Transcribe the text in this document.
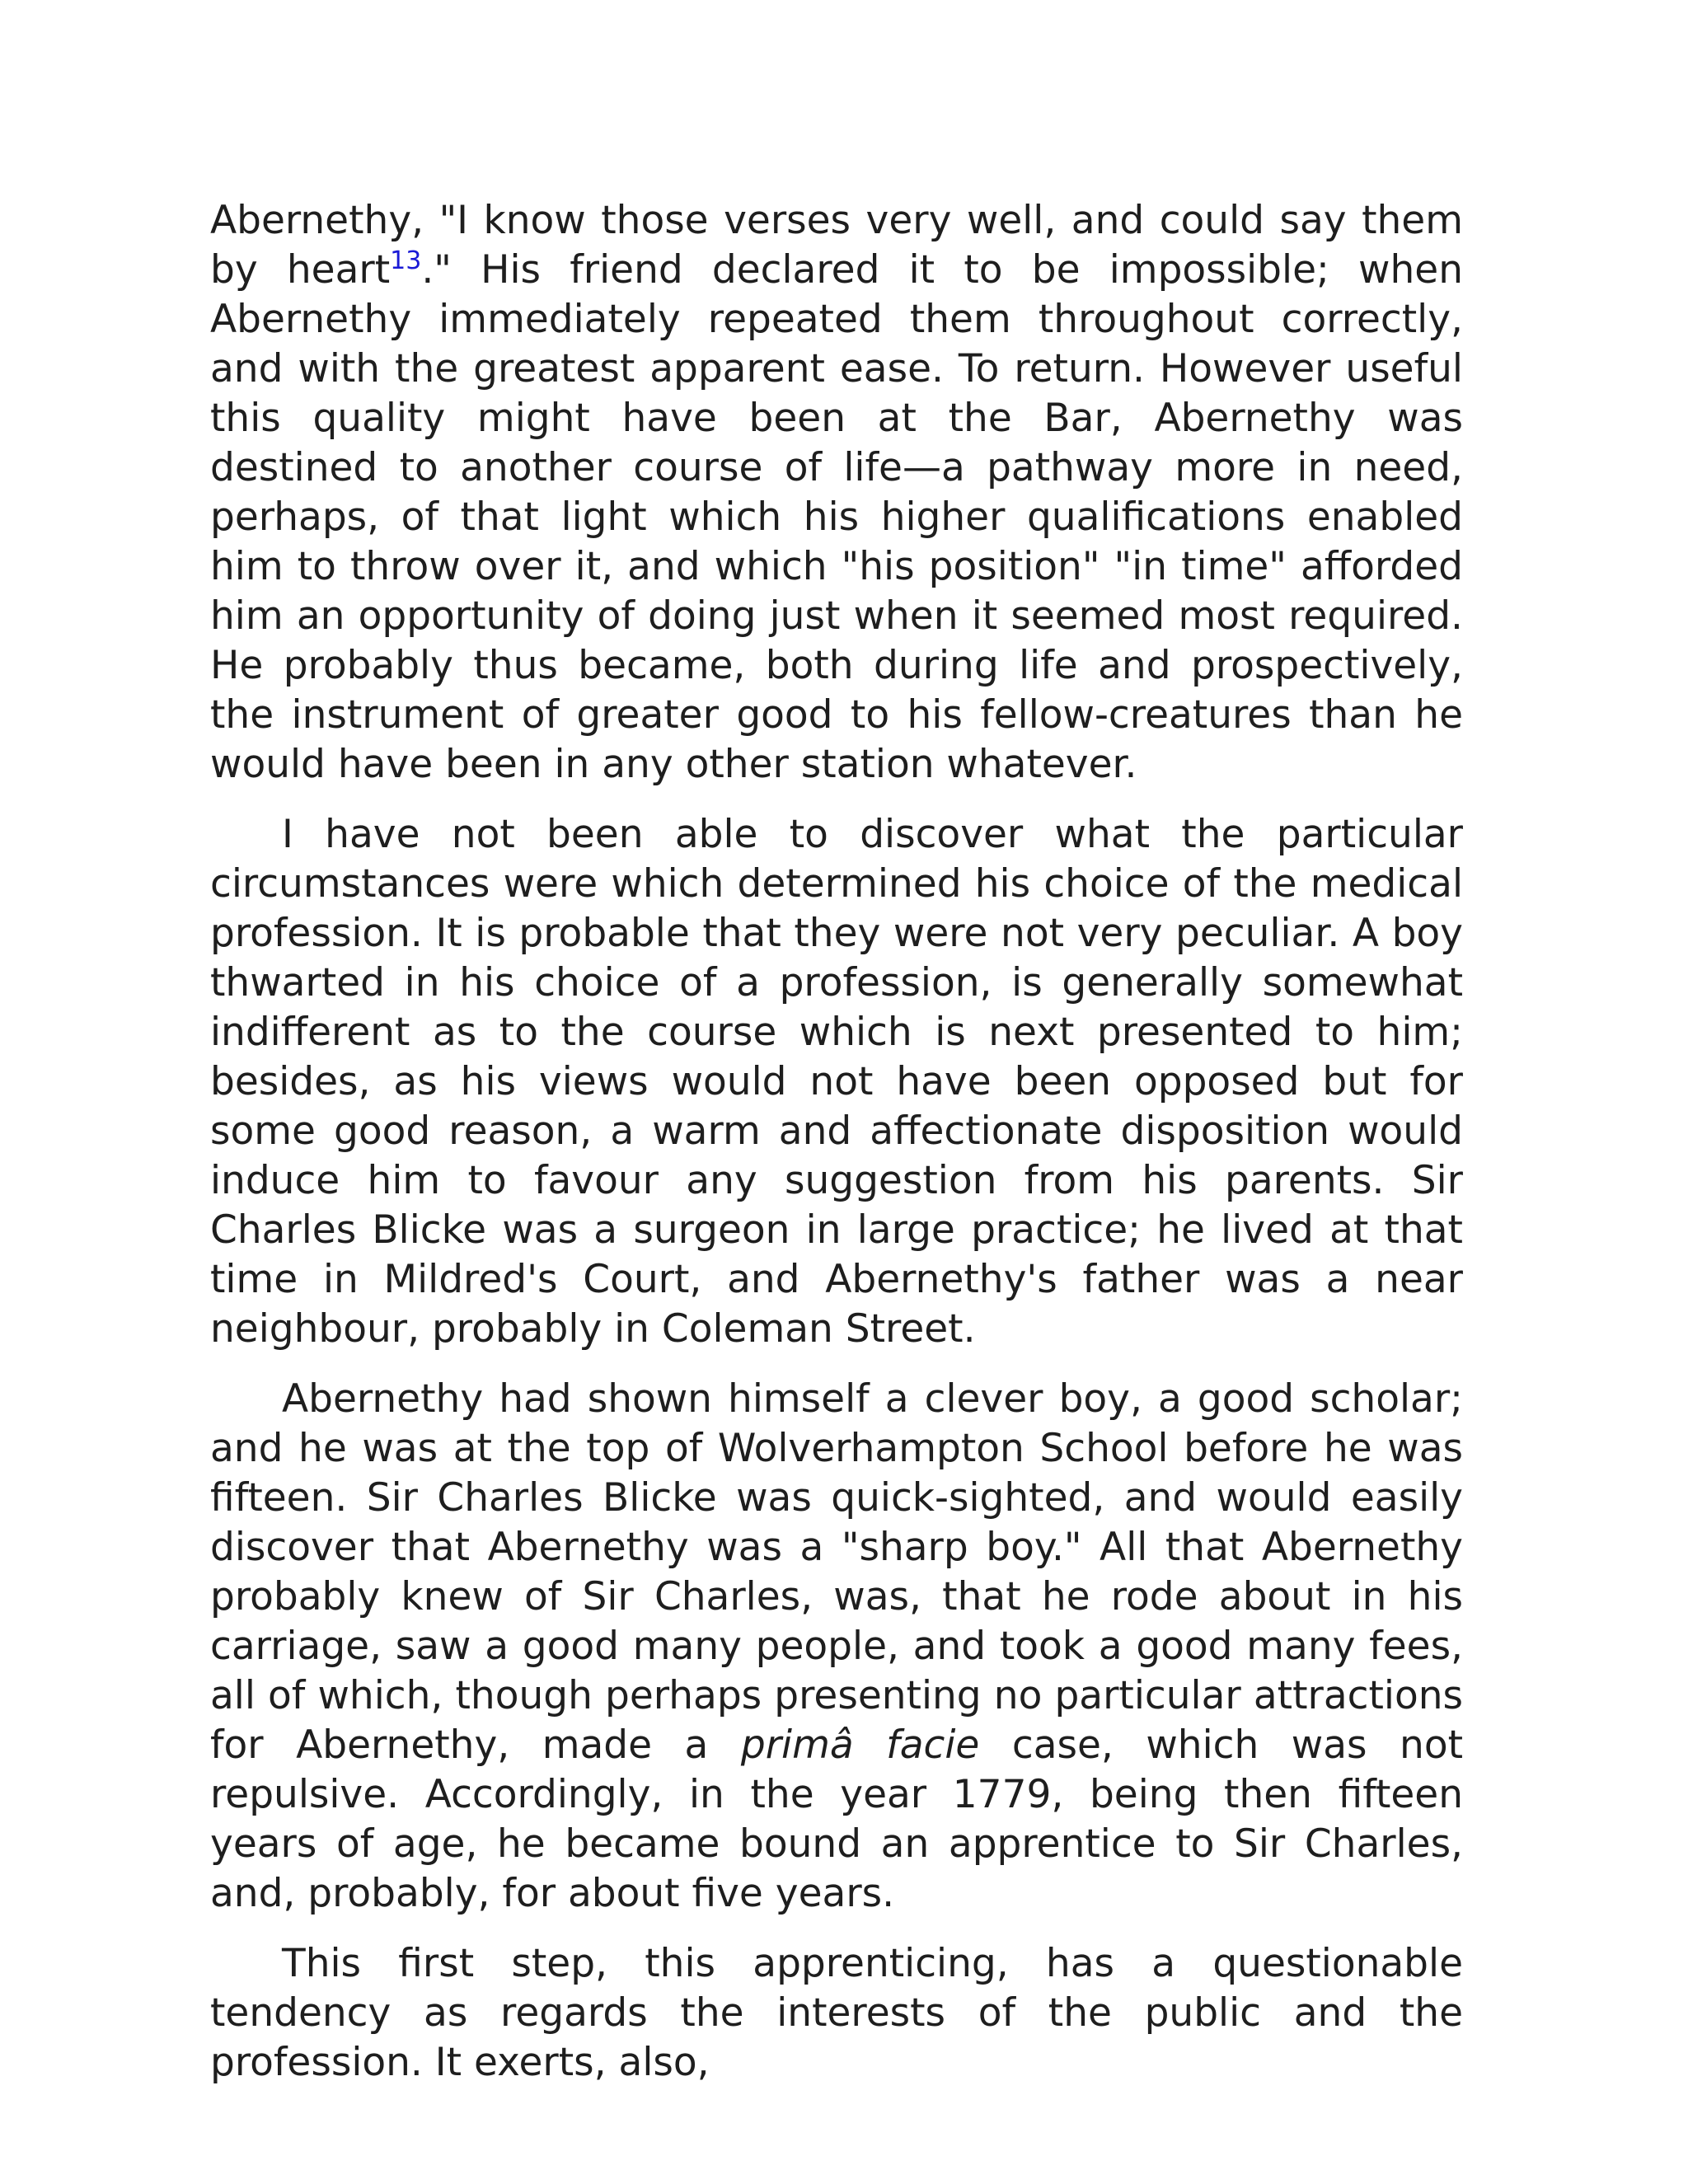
Abernethy, "I know those verses very well, and could say them by heart$^{13}$." His friend declared it to be impossible; when Abernethy immediately repeated them throughout correctly, and with the greatest apparent ease. To return. However useful this quality might have been at the Bar, Abernethy was destined to another course of life—a pathway more in need, perhaps, of that light which his higher qualifications enabled him to throw over it, and which "his position" "in time" afforded him an opportunity of doing just when it seemed most required. He probably thus became, both during life and prospectively, the instrument of greater good to his fellow-creatures than he would have been in any other station whatever.

I have not been able to discover what the particular circumstances were which determined his choice of the medical profession. It is probable that they were not very peculiar. A boy thwarted in his choice of a profession, is generally somewhat indifferent as to the course which is next presented to him; besides, as his views would not have been opposed but for some good reason, a warm and affectionate disposition would induce him to favour any suggestion from his parents. Sir Charles Blicke was a surgeon in large practice; he lived at that time in Mildred's Court, and Abernethy's father was a near neighbour, probably in Coleman Street.

Abernethy had shown himself a clever boy, a good scholar; and he was at the top of Wolverhampton School before he was fifteen. Sir Charles Blicke was quick-sighted, and would easily discover that Abernethy was a "sharp boy." All that Abernethy probably knew of Sir Charles, was, that he rode about in his carriage, saw a good many people, and took a good many fees, all of which, though perhaps presenting no particular attractions for Abernethy, made a primâ facie case, which was not repulsive. Accordingly, in the year 1779, being then fifteen years of age, he became bound an apprentice to Sir Charles, and, probably, for about five years.

This first step, this apprenticing, has a questionable tendency as regards the interests of the public and the profession. It exerts, also,
